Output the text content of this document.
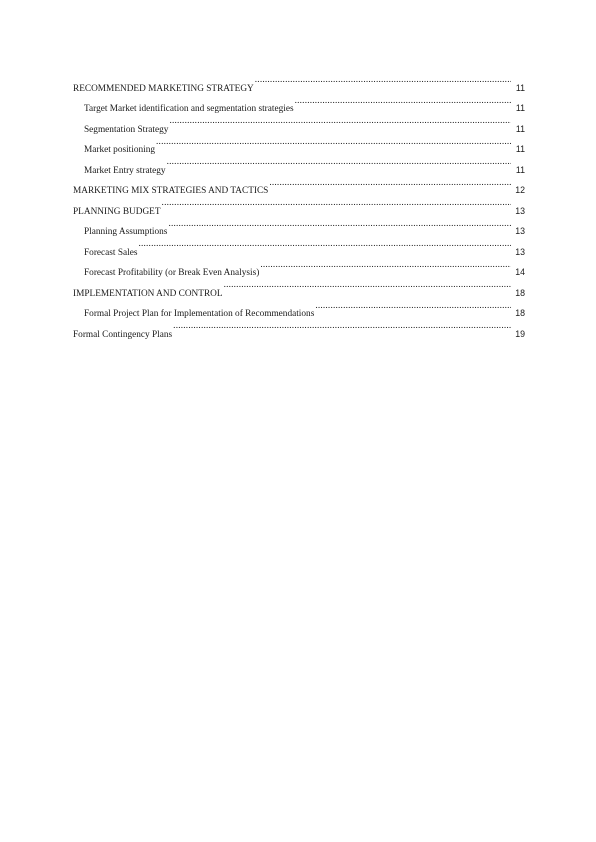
RECOMMENDED MARKETING STRATEGY .....	11
Target Market identification and segmentation strategies .....	11
Segmentation Strategy .....	11
Market positioning .....	11
Market Entry strategy .....	11
MARKETING MIX STRATEGIES AND TACTICS .....	12
PLANNING BUDGET .....	13
Planning Assumptions .....	13
Forecast Sales .....	13
Forecast Profitability (or Break Even Analysis) .....	14
IMPLEMENTATION AND CONTROL .....	18
Formal Project Plan for Implementation of Recommendations .....	18
Formal Contingency Plans .....	19
